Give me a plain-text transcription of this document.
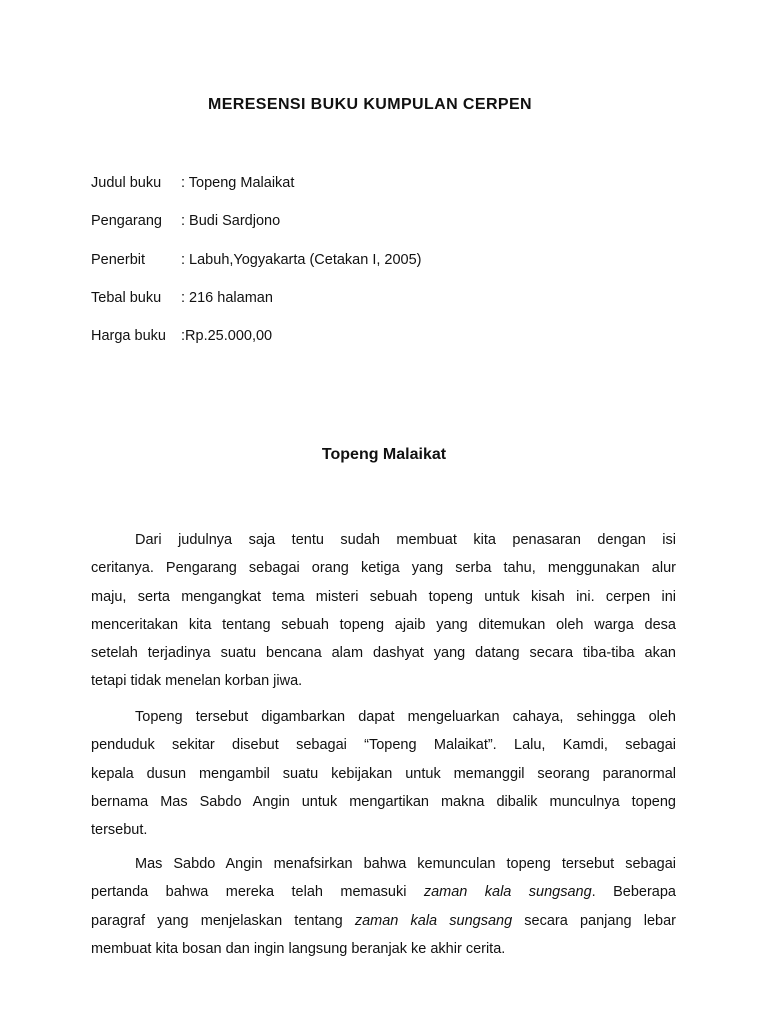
MERESENSI BUKU KUMPULAN CERPEN
Judul buku	: Topeng Malaikat
Pengarang	: Budi Sardjono
Penerbit	: Labuh,Yogyakarta (Cetakan I, 2005)
Tebal buku	: 216 halaman
Harga buku	:Rp.25.000,00
Topeng Malaikat
Dari judulnya saja tentu sudah membuat kita penasaran dengan isi
ceritanya. Pengarang sebagai orang ketiga yang serba tahu, menggunakan alur
maju, serta mengangkat tema misteri sebuah topeng untuk kisah ini. cerpen ini
menceritakan kita tentang sebuah topeng ajaib yang ditemukan oleh warga desa
setelah terjadinya suatu bencana alam dashyat yang datang secara tiba-tiba akan
tetapi tidak menelan korban jiwa.
Topeng tersebut digambarkan dapat mengeluarkan cahaya, sehingga oleh
penduduk sekitar disebut sebagai “Topeng Malaikat”. Lalu, Kamdi, sebagai
kepala dusun mengambil suatu kebijakan untuk memanggil seorang paranormal
bernama Mas Sabdo Angin untuk mengartikan makna dibalik munculnya topeng
tersebut.
Mas Sabdo Angin menafsirkan bahwa kemunculan topeng tersebut sebagai
pertanda bahwa mereka telah memasuki zaman kala sungsang. Beberapa
paragraf yang menjelaskan tentang zaman kala sungsang secara panjang lebar
membuat kita bosan dan ingin langsung beranjak ke akhir cerita.
